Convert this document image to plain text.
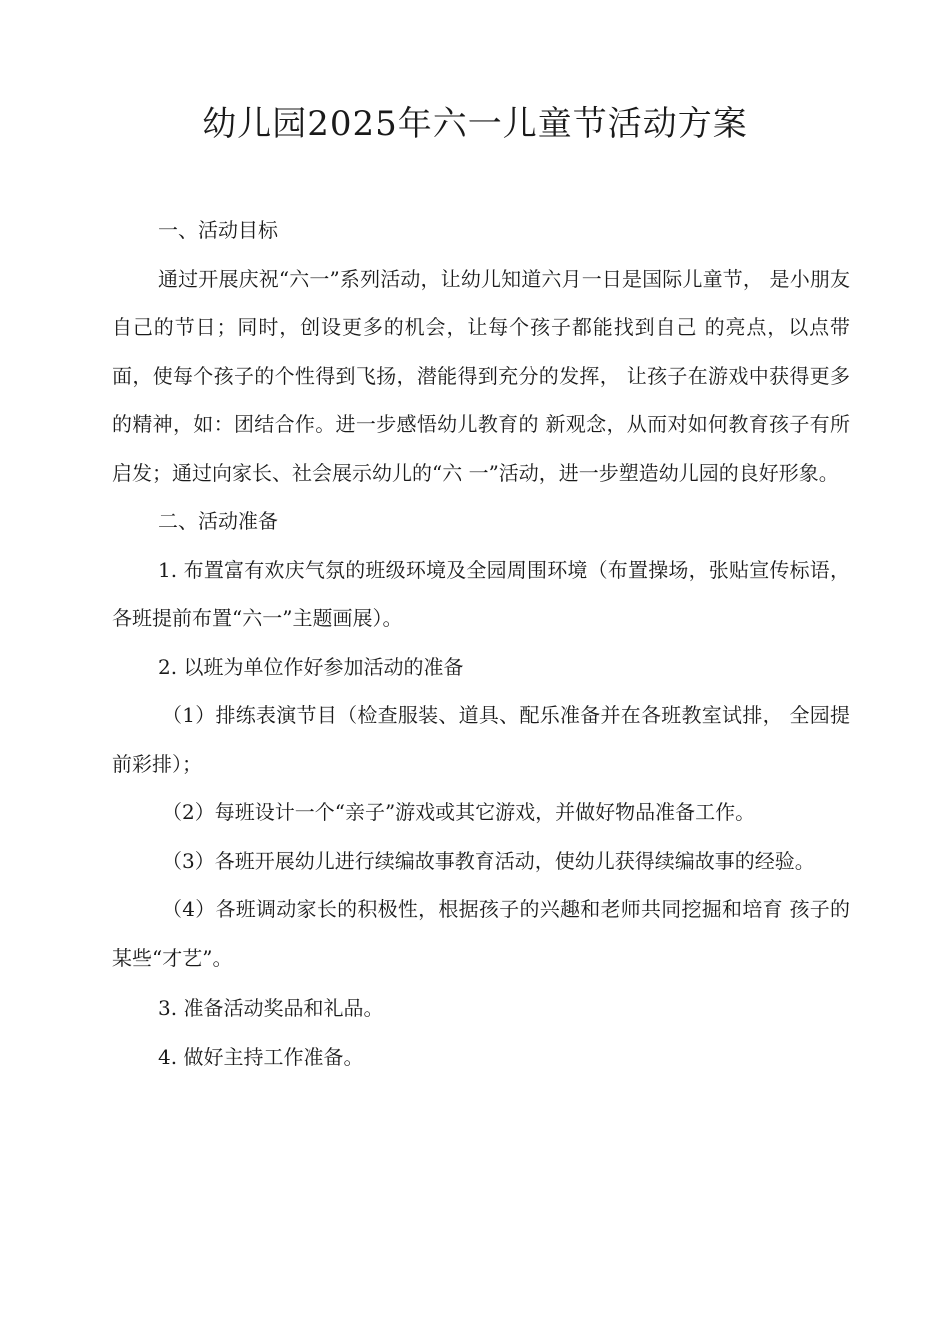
幼儿园2025年六一儿童节活动方案

一、活动目标

通过开展庆祝“六一”系列活动，让幼儿知道六月一日是国际儿童节， 是小朋友自己的节日；同时，创设更多的机会，让每个孩子都能找到自己 的亮点，以点带面，使每个孩子的个性得到飞扬，潜能得到充分的发挥， 让孩子在游戏中获得更多的精神，如：团结合作。进一步感悟幼儿教育的 新观念，从而对如何教育孩子有所启发；通过向家长、社会展示幼儿的“六 一”活动，进一步塑造幼儿园的良好形象。

二、活动准备

1. 布置富有欢庆气氛的班级环境及全园周围环境（布置操场，张贴宣传标语，各班提前布置“六一”主题画展）。

2. 以班为单位作好参加活动的准备

（1）排练表演节目（检查服装、道具、配乐准备并在各班教室试排， 全园提前彩排）；

（2）每班设计一个“亲子”游戏或其它游戏，并做好物品准备工作。

（3）各班开展幼儿进行续编故事教育活动，使幼儿获得续编故事的经验。

（4）各班调动家长的积极性，根据孩子的兴趣和老师共同挖掘和培育 孩子的某些“才艺”。

3. 准备活动奖品和礼品。

4. 做好主持工作准备。
